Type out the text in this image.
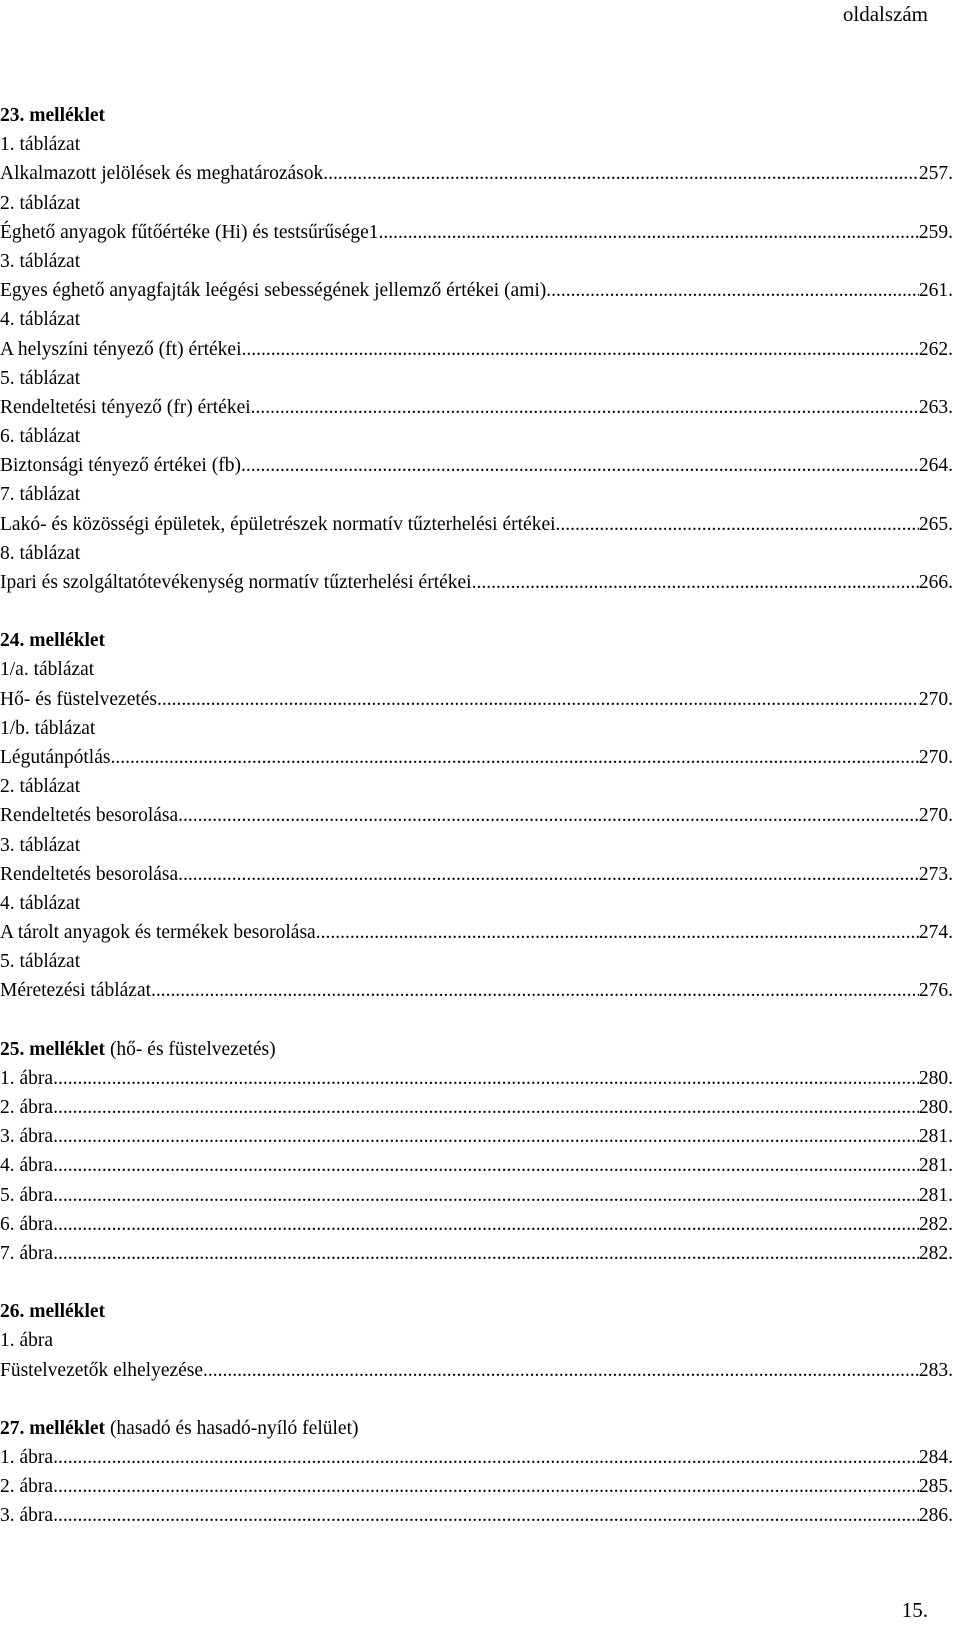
oldalszám
23. melléklet
1. táblázat
Alkalmazott jelölések és meghatározások .....	257.
2. táblázat
Éghető anyagok fűtőértéke (Hi) és testsűrűsége1 .....	259.
3. táblázat
Egyes éghető anyagfajták leégési sebességének jellemző értékei (ami) .....	261.
4. táblázat
A helyszíni tényező (ft) értékei .....	262.
5. táblázat
Rendeltetési tényező (fr) értékei .....	263.
6. táblázat
Biztonsági tényező értékei (fb) .....	264.
7. táblázat
Lakó- és közösségi épületek, épületrészek normatív tűzterhelési értékei .....	265.
8. táblázat
Ipari és szolgáltatótevékenység normatív tűzterhelési értékei .....	266.
24. melléklet
1/a. táblázat
Hő- és füstelvezetés .....	270.
1/b. táblázat
Légutánpótlás .....	270.
2. táblázat
Rendeltetés besorolása .....	270.
3. táblázat
Rendeltetés besorolása .....	273.
4. táblázat
A tárolt anyagok és termékek besorolása .....	274.
5. táblázat
Méretezési táblázat .....	276.
25. melléklet (hő- és füstelvezetés)
1. ábra .....	280.
2. ábra .....	280.
3. ábra .....	281.
4. ábra .....	281.
5. ábra .....	281.
6. ábra .....	282.
7. ábra .....	282.
26. melléklet
1. ábra
Füstelvezetők elhelyezése .....	283.
27. melléklet (hasadó és hasadó-nyíló felület)
1. ábra .....	284.
2. ábra .....	285.
3. ábra .....	286.
15.
